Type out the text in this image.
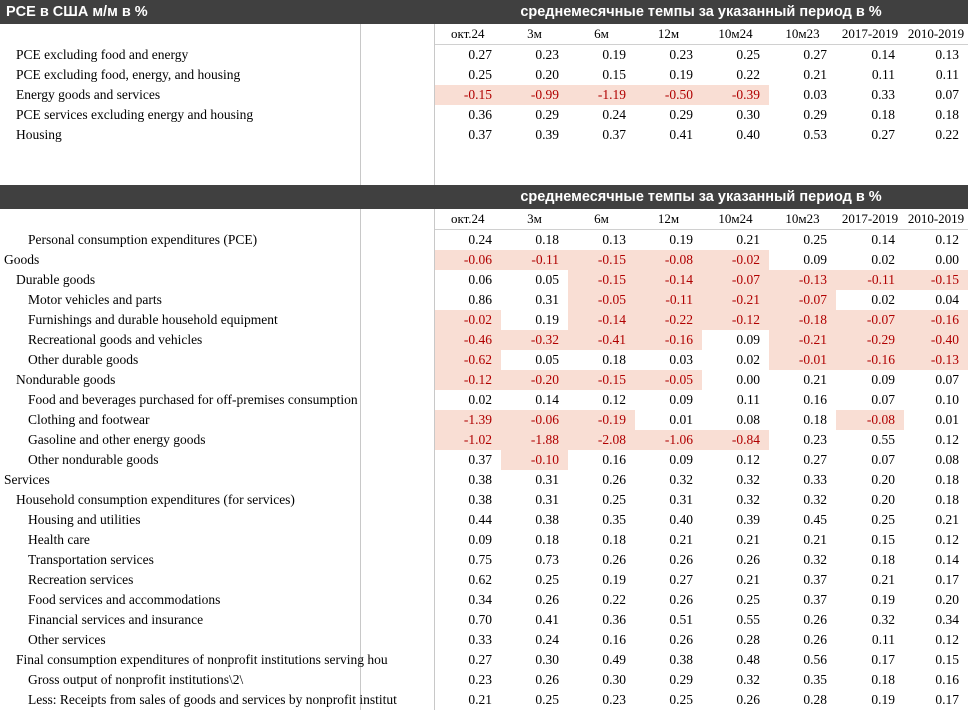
PCE в США м/м в %		среднемесячные темпы за указанный период в %							
		окт.24	3м	6м	12м	10м24	10м23	2017-2019	2010-2019
PCE excluding food and energy		0.27	0.23	0.19	0.23	0.25	0.27	0.14	0.13
PCE excluding food, energy, and housing		0.25	0.20	0.15	0.19	0.22	0.21	0.11	0.11
Energy goods and services		-0.15	-0.99	-1.19	-0.50	-0.39	0.03	0.33	0.07
PCE services excluding energy and housing		0.36	0.29	0.24	0.29	0.30	0.29	0.18	0.18
Housing		0.37	0.39	0.37	0.41	0.40	0.53	0.27	0.22

		среднемесячные темпы за указанный период в %							
		окт.24	3м	6м	12м	10м24	10м23	2017-2019	2010-2019
Personal consumption expenditures (PCE)		0.24	0.18	0.13	0.19	0.21	0.25	0.14	0.12
Goods		-0.06	-0.11	-0.15	-0.08	-0.02	0.09	0.02	0.00
Durable goods		0.06	0.05	-0.15	-0.14	-0.07	-0.13	-0.11	-0.15
Motor vehicles and parts		0.86	0.31	-0.05	-0.11	-0.21	-0.07	0.02	0.04
Furnishings and durable household equipment		-0.02	0.19	-0.14	-0.22	-0.12	-0.18	-0.07	-0.16
Recreational goods and vehicles		-0.46	-0.32	-0.41	-0.16	0.09	-0.21	-0.29	-0.40
Other durable goods		-0.62	0.05	0.18	0.03	0.02	-0.01	-0.16	-0.13
Nondurable goods		-0.12	-0.20	-0.15	-0.05	0.00	0.21	0.09	0.07
Food and beverages purchased for off-premises consumption		0.02	0.14	0.12	0.09	0.11	0.16	0.07	0.10
Clothing and footwear		-1.39	-0.06	-0.19	0.01	0.08	0.18	-0.08	0.01
Gasoline and other energy goods		-1.02	-1.88	-2.08	-1.06	-0.84	0.23	0.55	0.12
Other nondurable goods		0.37	-0.10	0.16	0.09	0.12	0.27	0.07	0.08
Services		0.38	0.31	0.26	0.32	0.32	0.33	0.20	0.18
Household consumption expenditures (for services)		0.38	0.31	0.25	0.31	0.32	0.32	0.20	0.18
Housing and utilities		0.44	0.38	0.35	0.40	0.39	0.45	0.25	0.21
Health care		0.09	0.18	0.18	0.21	0.21	0.21	0.15	0.12
Transportation services		0.75	0.73	0.26	0.26	0.26	0.32	0.18	0.14
Recreation services		0.62	0.25	0.19	0.27	0.21	0.37	0.21	0.17
Food services and accommodations		0.34	0.26	0.22	0.26	0.25	0.37	0.19	0.20
Financial services and insurance		0.70	0.41	0.36	0.51	0.55	0.26	0.32	0.34
Other services		0.33	0.24	0.16	0.26	0.28	0.26	0.11	0.12
Final consumption expenditures of nonprofit institutions serving hou		0.27	0.30	0.49	0.38	0.48	0.56	0.17	0.15
Gross output of nonprofit institutions\2\		0.23	0.26	0.30	0.29	0.32	0.35	0.18	0.16
Less: Receipts from sales of goods and services by nonprofit institut		0.21	0.25	0.23	0.25	0.26	0.28	0.19	0.17
